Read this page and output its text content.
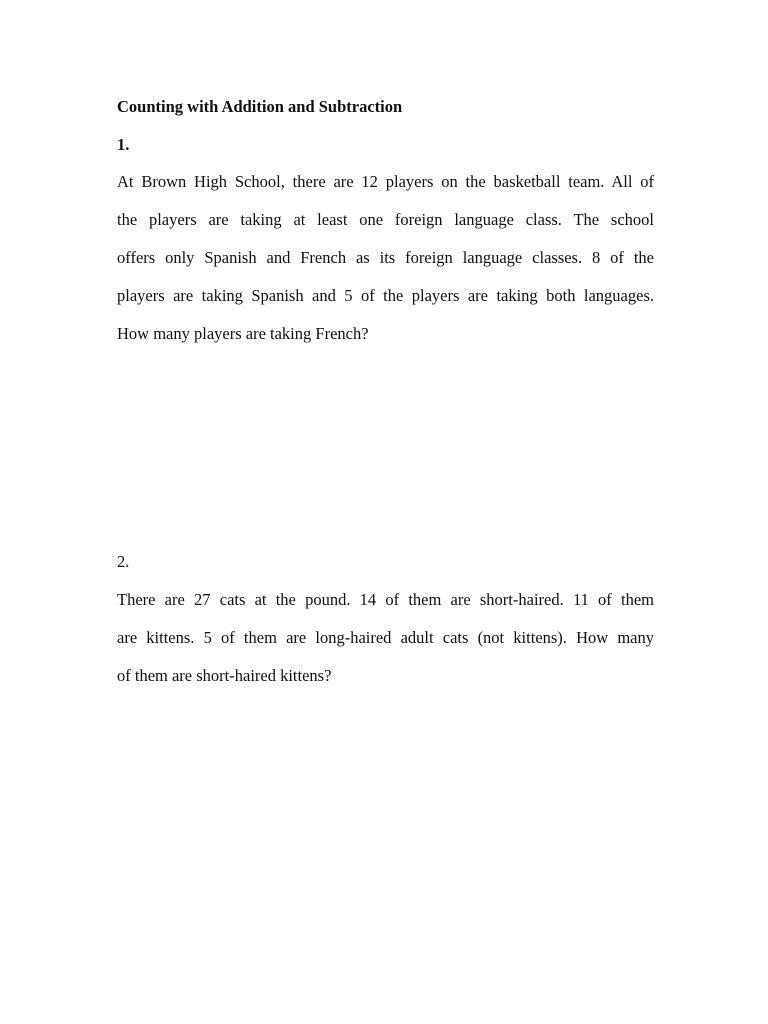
Counting with Addition and Subtraction
1.
At Brown High School, there are 12 players on the basketball team. All of
the players are taking at least one foreign language class. The school
offers only Spanish and French as its foreign language classes. 8 of the
players are taking Spanish and 5 of the players are taking both languages.
How many players are taking French?
2.
There are 27 cats at the pound. 14 of them are short-haired. 11 of them
are kittens. 5 of them are long-haired adult cats (not kittens). How many
of them are short-haired kittens?
